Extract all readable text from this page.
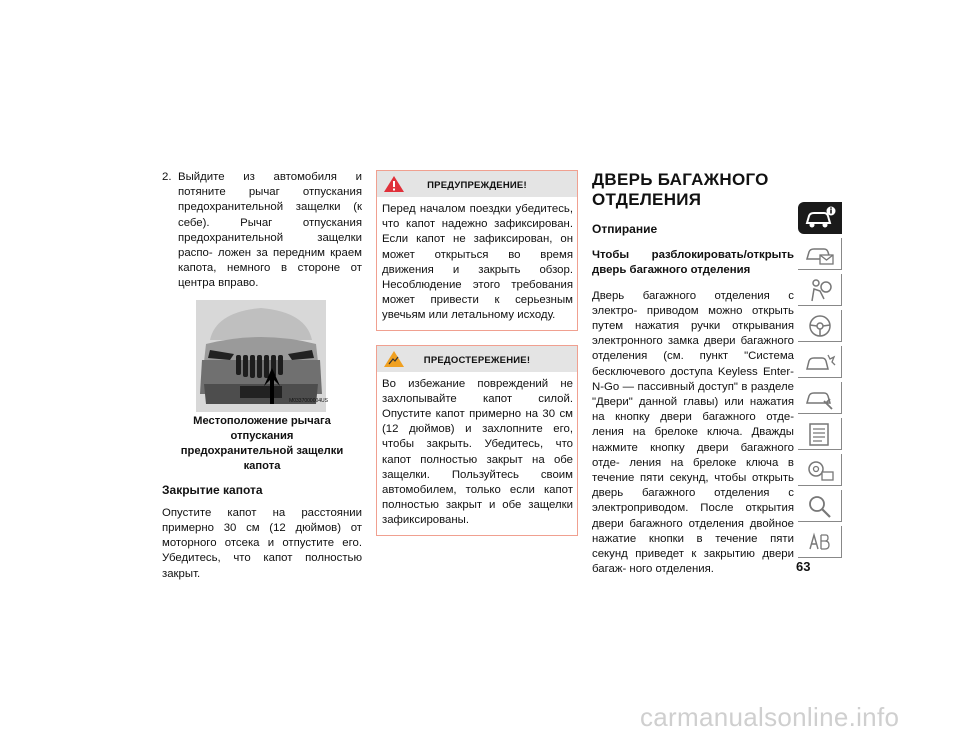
2. Выйдите из автомобиля и потяните рычаг отпускания предохранительной защелки (к себе). Рычаг отпускания предохранительной защелки распо- ложен за передним краем капота, немного в стороне от центра вправо.
M0337000004US
Местоположение рычага отпускания
предохранительной защелки капота
Закрытие капота
Опустите капот на расстоянии примерно 30 см (12 дюймов) от моторного отсека и отпустите его. Убедитесь, что капот полностью закрыт.
ПРЕДУПРЕЖДЕНИЕ!
Перед началом поездки убедитесь, что капот надежно зафиксирован. Если капот не зафиксирован, он может открыться во время движения и закрыть обзор. Несоблюдение этого требования может привести к серьезным увечьям или летальному исходу.
ПРЕДОСТЕРЕЖЕНИЕ!
Во избежание повреждений не захлопывайте капот силой. Опустите капот примерно на 30 см (12 дюймов) и захлопните его, чтобы закрыть. Убедитесь, что капот полностью закрыт на обе защелки. Пользуйтесь своим автомобилем, только если капот полностью закрыт и обе защелки зафиксированы.
ДВЕРЬ БАГАЖНОГО
ОТДЕЛЕНИЯ
Отпирание
Чтобы разблокировать/открыть дверь багажного отделения
Дверь багажного отделения с электро- приводом можно открыть путем нажатия ручки открывания электронного замка двери багажного отделения (см. пункт "Система бесключевого доступа Keyless Enter-N-Go — пассивный доступ" в разделе "Двери" данной главы) или нажатия на кнопку двери багажного отде- ления на брелоке ключа. Дважды нажмите кнопку двери багажного отде- ления на брелоке ключа в течение пяти секунд, чтобы открыть дверь багажного отделения с электроприводом. После открытия двери багажного отделения двойное нажатие кнопки в течение пяти секунд приведет к закрытию двери багаж- ного отделения.	63
carmanualsonline.info
